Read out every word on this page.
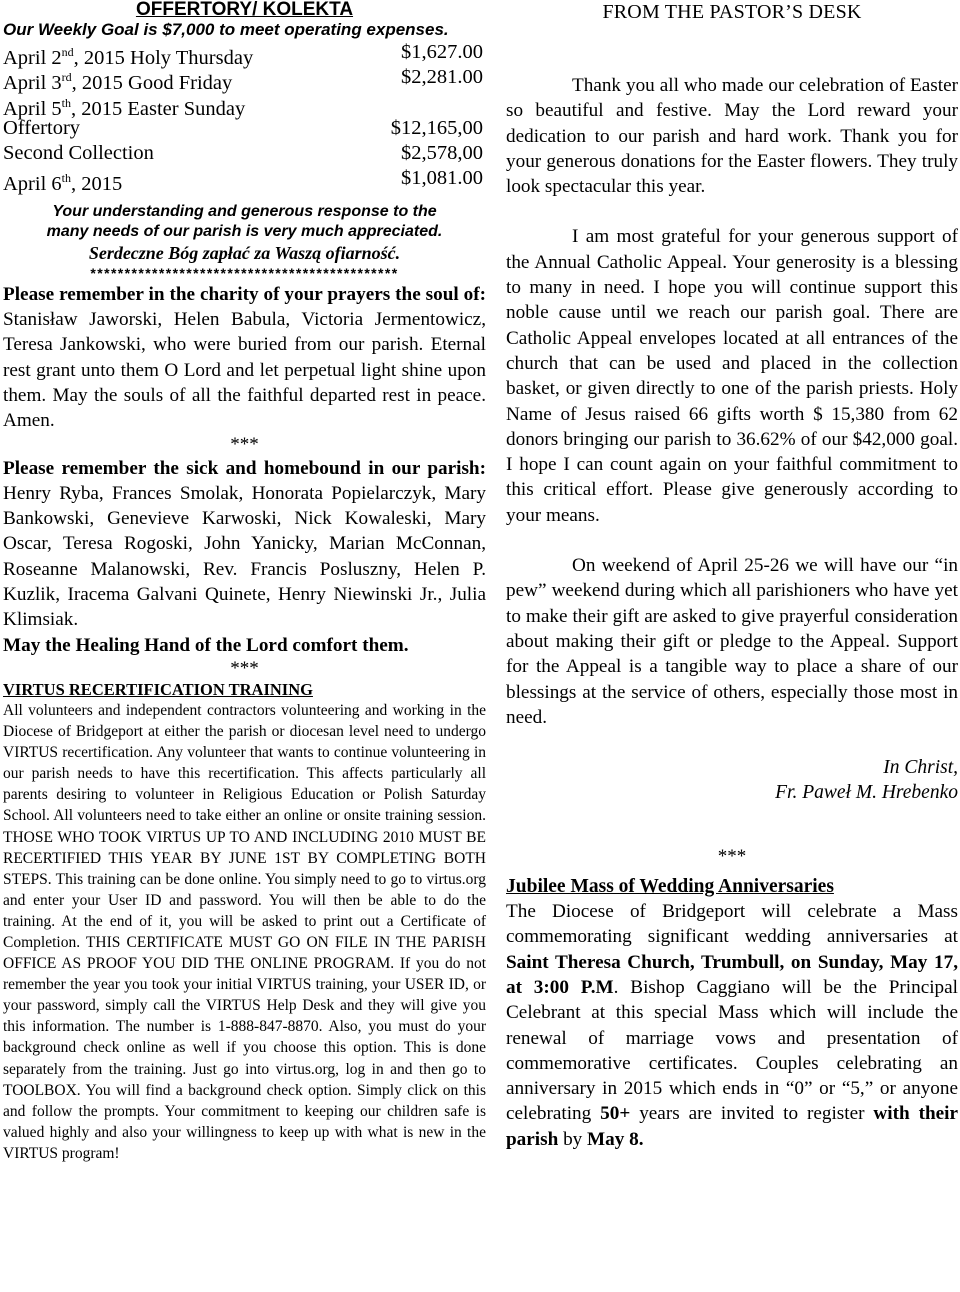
OFFERTORY/ KOLEKTA
Our Weekly Goal is $7,000 to meet operating expenses.
April 2nd, 2015 Holy Thursday	$1,627.00
April 3rd, 2015 Good Friday	$2,281.00
April 5th, 2015 Easter Sunday
Offertory	$12,165,00
Second Collection	$2,578,00
April 6th, 2015	$1,081.00
Your understanding and generous response to the
many needs of our parish is very much appreciated.
Serdeczne Bóg zapłać za Waszą ofiarność.
*********************************************

Please remember in the charity of your prayers the soul of: Stanisław Jaworski, Helen Babula, Victoria Jermentowicz, Teresa Jankowski, who were buried from our parish. Eternal rest grant unto them O Lord and let perpetual light shine upon them. May the souls of all the faithful departed rest in peace. Amen.

***

Please remember the sick and homebound in our parish: Henry Ryba, Frances Smolak, Honorata Popielarczyk, Mary Bankowski, Genevieve Karwoski, Nick Kowaleski, Mary Oscar, Teresa Rogoski, John Yanicky, Marian McConnan, Roseanne Malanowski, Rev. Francis Posluszny, Helen P. Kuzlik, Iracema Galvani Quinete, Henry Niewinski Jr., Julia Klimsiak.
May the Healing Hand of the Lord comfort them.

***
VIRTUS RECERTIFICATION TRAINING

All volunteers and independent contractors volunteering and working in the Diocese of Bridgeport at either the parish or diocesan level need to undergo VIRTUS recertification. Any volunteer that wants to continue volunteering in our parish needs to have this recertification. This affects particularly all parents desiring to volunteer in Religious Education or Polish Saturday School. All volunteers need to take either an online or onsite training session. THOSE WHO TOOK VIRTUS UP TO AND INCLUDING 2010 MUST BE RECERTIFIED THIS YEAR BY JUNE 1ST BY COMPLETING BOTH STEPS. This training can be done online. You simply need to go to virtus.org and enter your User ID and password. You will then be able to do the training. At the end of it, you will be asked to print out a Certificate of Completion. THIS CERTIFICATE MUST GO ON FILE IN THE PARISH OFFICE AS PROOF YOU DID THE ONLINE PROGRAM. If you do not remember the year you took your initial VIRTUS training, your USER ID, or your password, simply call the VIRTUS Help Desk and they will give you this information. The number is 1-888-847-8870. Also, you must do your background check online as well if you choose this option. This is done separately from the training. Just go into virtus.org, log in and then go to TOOLBOX. You will find a background check option. Simply click on this and follow the prompts. Your commitment to keeping our children safe is valued highly and also your willingness to keep up with what is new in the VIRTUS program!

FROM THE PASTOR’S DESK

Thank you all who made our celebration of Easter so beautiful and festive. May the Lord reward your dedication to our parish and hard work. Thank you for your generous donations for the Easter flowers. They truly look spectacular this year.

I am most grateful for your generous support of the Annual Catholic Appeal. Your generosity is a blessing to many in need. I hope you will continue support this noble cause until we reach our parish goal. There are Catholic Appeal envelopes located at all entrances of the church that can be used and placed in the collection basket, or given directly to one of the parish priests. Holy Name of Jesus raised 66 gifts worth $ 15,380 from 62 donors bringing our parish to 36.62% of our $42,000 goal. I hope I can count again on your faithful commitment to this critical effort. Please give generously according to your means.

On weekend of April 25-26 we will have our “in pew” weekend during which all parishioners who have yet to make their gift are asked to give prayerful consideration about making their gift or pledge to the Appeal. Support for the Appeal is a tangible way to place a share of our blessings at the service of others, especially those most in need.

In Christ,
Fr. Paweł M. Hrebenko
***
Jubilee Mass of Wedding Anniversaries

The Diocese of Bridgeport will celebrate a Mass commemorating significant wedding anniversaries at Saint Theresa Church, Trumbull, on Sunday, May 17, at 3:00 P.M. Bishop Caggiano will be the Principal Celebrant at this special Mass which will include the renewal of marriage vows and presentation of commemorative certificates. Couples celebrating an anniversary in 2015 which ends in “0” or “5,” or anyone celebrating 50+ years are invited to register with their parish by May 8.
